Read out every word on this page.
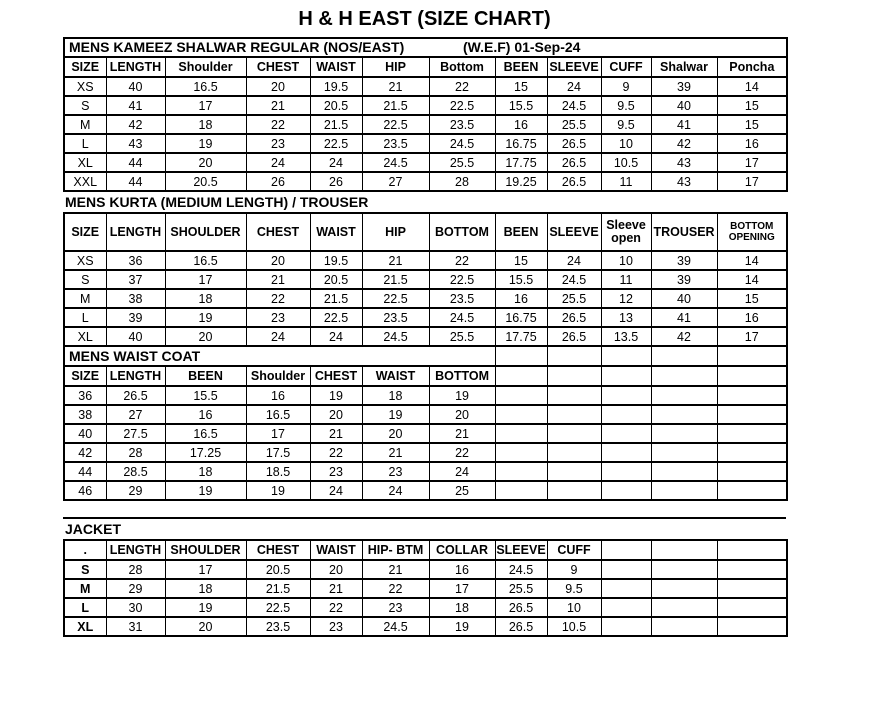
H & H EAST (SIZE CHART)
MENS KAMEEZ SHALWAR REGULAR (NOS/EAST) (W.E.F) 01-Sep-24											

SIZE	LENGTH	Shoulder	CHEST	WAIST	HIP	Bottom	BEEN	SLEEVE	CUFF	Shalwar	Poncha
XS	40	16.5	20	19.5	21	22	15	24	9	39	14
S	41	17	21	20.5	21.5	22.5	15.5	24.5	9.5	40	15
M	42	18	22	21.5	22.5	23.5	16	25.5	9.5	41	15
L	43	19	23	22.5	23.5	24.5	16.75	26.5	10	42	16
XL	44	20	24	24	24.5	25.5	17.75	26.5	10.5	43	17
XXL	44	20.5	26	26	27	28	19.25	26.5	11	43	17
MENS KURTA (MEDIUM LENGTH) / TROUSER
SIZE	LENGTH	SHOULDER	CHEST	WAIST	HIP	BOTTOM	BEEN	SLEEVE	Sleeve open	TROUSER	BOTTOM OPENING
XS	36	16.5	20	19.5	21	22	15	24	10	39	14
S	37	17	21	20.5	21.5	22.5	15.5	24.5	11	39	14
M	38	18	22	21.5	22.5	23.5	16	25.5	12	40	15
L	39	19	23	22.5	23.5	24.5	16.75	26.5	13	41	16
XL	40	20	24	24	24.5	25.5	17.75	26.5	13.5	42	17
MENS WAIST COAT											
SIZE	LENGTH	BEEN	Shoulder	CHEST	WAIST	BOTTOM					
36	26.5	15.5	16	19	18	19					
38	27	16	16.5	20	19	20					
40	27.5	16.5	17	21	20	21					
42	28	17.25	17.5	22	21	22					
44	28.5	18	18.5	23	23	24					
46	29	19	19	24	24	25					
JACKET
.	LENGTH	SHOULDER	CHEST	WAIST	HIP- BTM	COLLAR	SLEEVE	CUFF			
S	28	17	20.5	20	21	16	24.5	9			
M	29	18	21.5	21	22	17	25.5	9.5			
L	30	19	22.5	22	23	18	26.5	10			
XL	31	20	23.5	23	24.5	19	26.5	10.5			
